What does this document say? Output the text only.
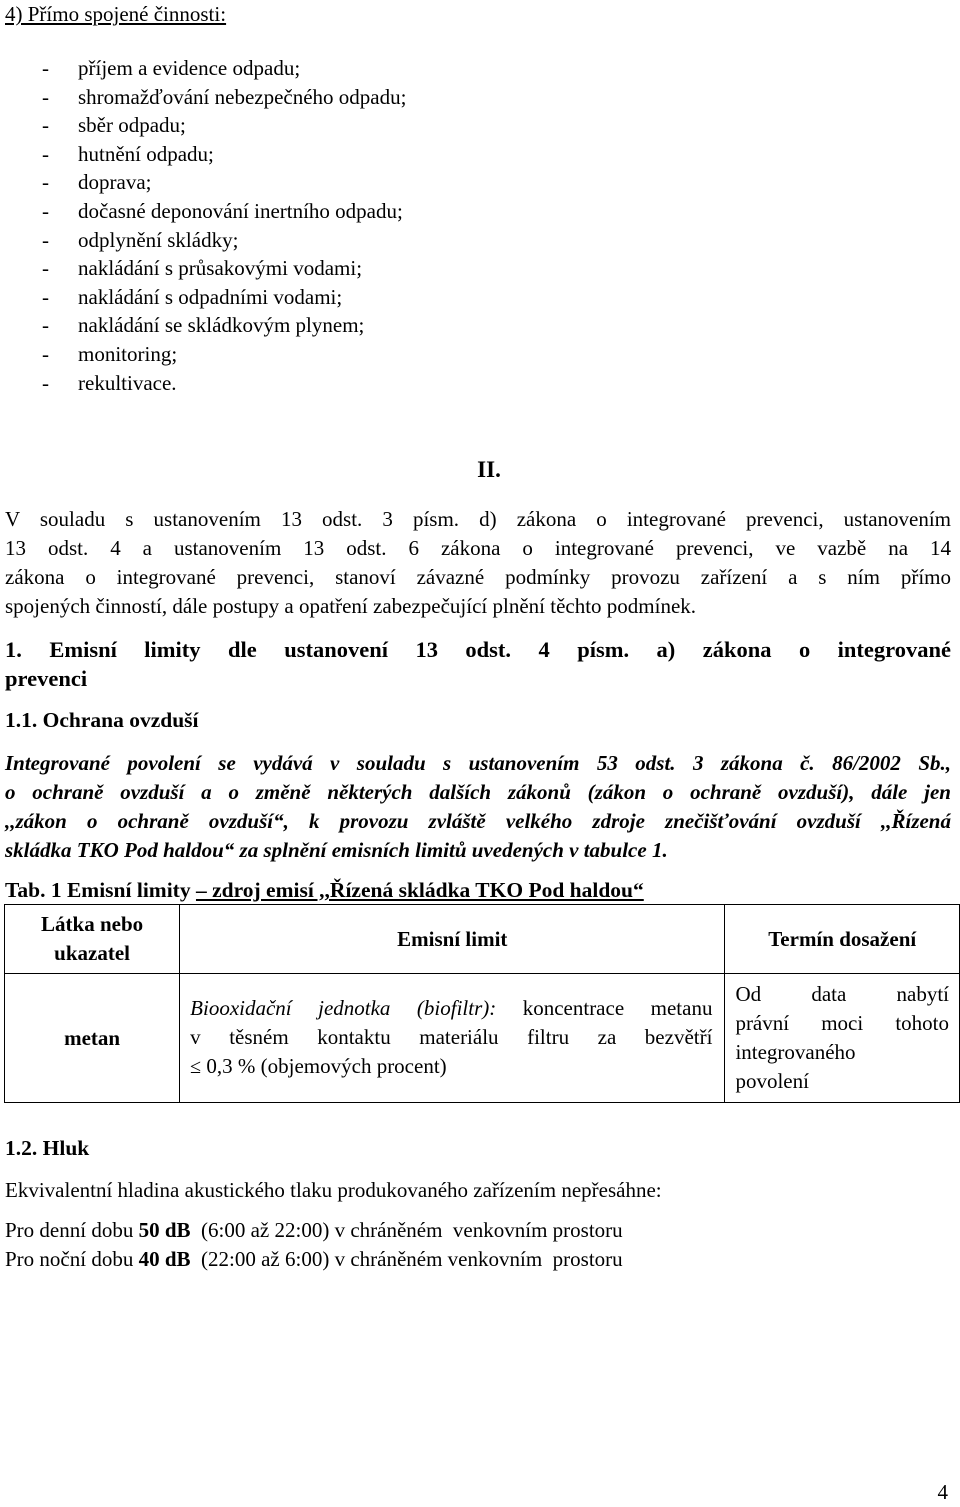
4) Přímo spojené činnosti:
- příjem a evidence odpadu;
- shromažďování nebezpečného odpadu;
- sběr odpadu;
- hutnění odpadu;
- doprava;
- dočasné deponování inertního odpadu;
- odplynění skládky;
- nakládání s průsakovými vodami;
- nakládání s odpadními vodami;
- nakládání se skládkovým plynem;
- monitoring;
- rekultivace.
II.
V souladu s ustanovením 13 odst. 3 písm. d) zákona o integrované prevenci, ustanovením
13 odst. 4 a ustanovením 13 odst. 6 zákona o integrované prevenci, ve vazbě na 14
zákona o integrované prevenci, stanoví závazné podmínky provozu zařízení a s ním přímo
spojených činností, dále postupy a opatření zabezpečující plnění těchto podmínek.
1. Emisní limity dle ustanovení 13 odst. 4 písm. a) zákona o integrované
prevenci
1.1. Ochrana ovzduší
Integrované povolení se vydává v souladu s ustanovením 53 odst. 3 zákona č. 86/2002 Sb.,
o ochraně ovzduší a o změně některých dalších zákonů (zákon o ochraně ovzduší), dále jen
,,zákon o ochraně ovzduší“, k provozu zvláště velkého zdroje znečišťování ovzduší ,,Řízená
skládka TKO Pod haldou“ za splnění emisních limitů uvedených v tabulce 1.
Tab. 1 Emisní limity – zdroj emisí ,,Řízená skládka TKO Pod haldou“
Látka nebo
ukazatel	Emisní limit	Termín dosažení
metan	Biooxidační jednotka (biofiltr): koncentrace metanu
v těsném kontaktu materiálu filtru za bezvětří
≤ 0,3 % (objemových procent)	Od data nabytí
právní moci tohoto
integrovaného
povolení
1.2. Hluk
Ekvivalentní hladina akustického tlaku produkovaného zařízením nepřesáhne:
Pro denní dobu 50 dB  (6:00 až 22:00) v chráněném  venkovním prostoru
Pro noční dobu 40 dB  (22:00 až 6:00) v chráněném venkovním  prostoru
4
